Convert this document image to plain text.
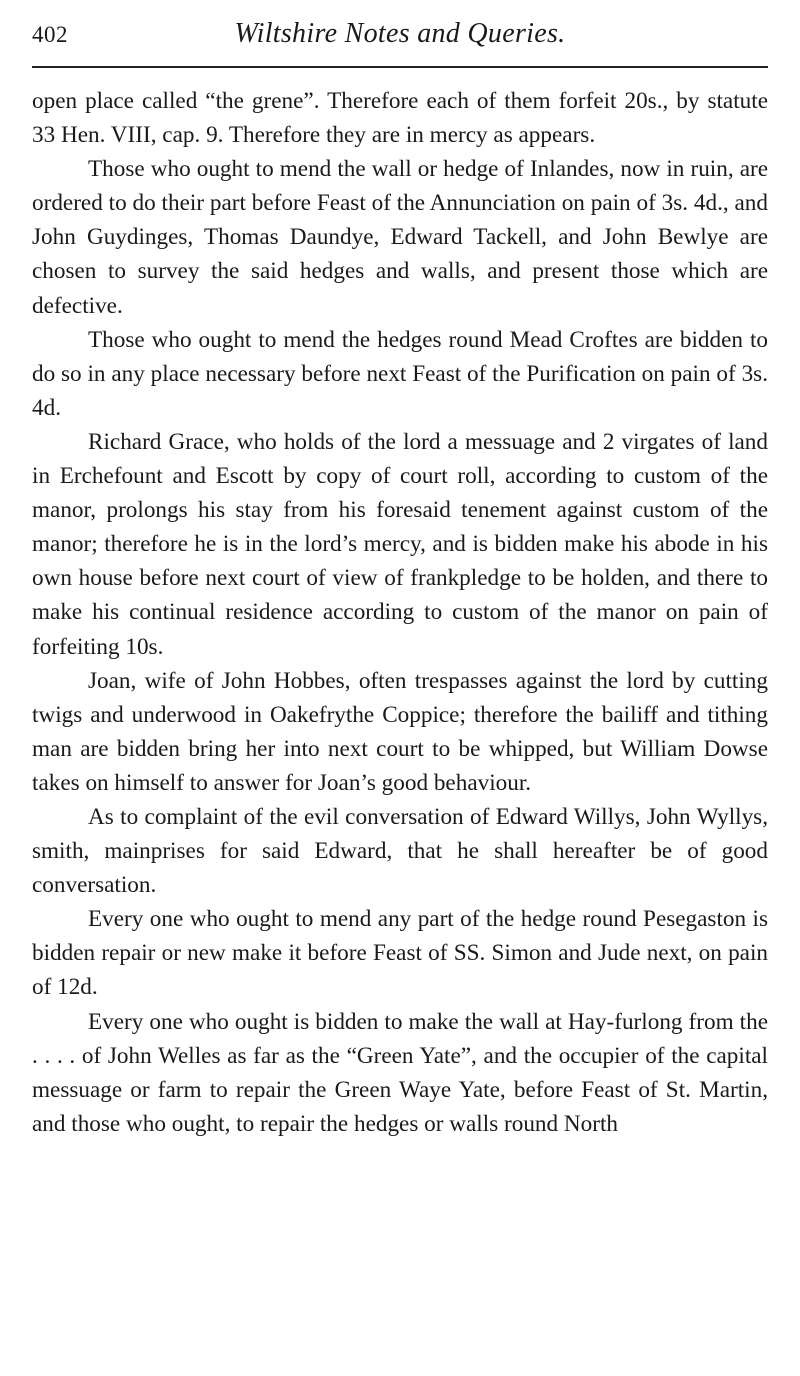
402	Wiltshire Notes and Queries.

open place called “the grene”. Therefore each of them forfeit 20s., by statute 33 Hen. VIII, cap. 9. Therefore they are in mercy as appears.

Those who ought to mend the wall or hedge of Inlandes, now in ruin, are ordered to do their part before Feast of the Annunciation on pain of 3s. 4d., and John Guydinges, Thomas Daundye, Edward Tackell, and John Bewlye are chosen to survey the said hedges and walls, and present those which are defective.

Those who ought to mend the hedges round Mead Croftes are bidden to do so in any place necessary before next Feast of the Purification on pain of 3s. 4d.

Richard Grace, who holds of the lord a messuage and 2 virgates of land in Erchefount and Escott by copy of court roll, according to custom of the manor, prolongs his stay from his foresaid tenement against custom of the manor; therefore he is in the lord’s mercy, and is bidden make his abode in his own house before next court of view of frankpledge to be holden, and there to make his continual residence according to custom of the manor on pain of forfeiting 10s.

Joan, wife of John Hobbes, often trespasses against the lord by cutting twigs and underwood in Oakefrythe Coppice; therefore the bailiff and tithing man are bidden bring her into next court to be whipped, but William Dowse takes on himself to answer for Joan’s good behaviour.

As to complaint of the evil conversation of Edward Willys, John Wyllys, smith, mainprises for said Edward, that he shall hereafter be of good conversation.

Every one who ought to mend any part of the hedge round Pesegaston is bidden repair or new make it before Feast of SS. Simon and Jude next, on pain of 12d.

Every one who ought is bidden to make the wall at Hay-furlong from the . . . . of John Welles as far as the “Green Yate”, and the occupier of the capital messuage or farm to repair the Green Waye Yate, before Feast of St. Martin, and those who ought, to repair the hedges or walls round North
